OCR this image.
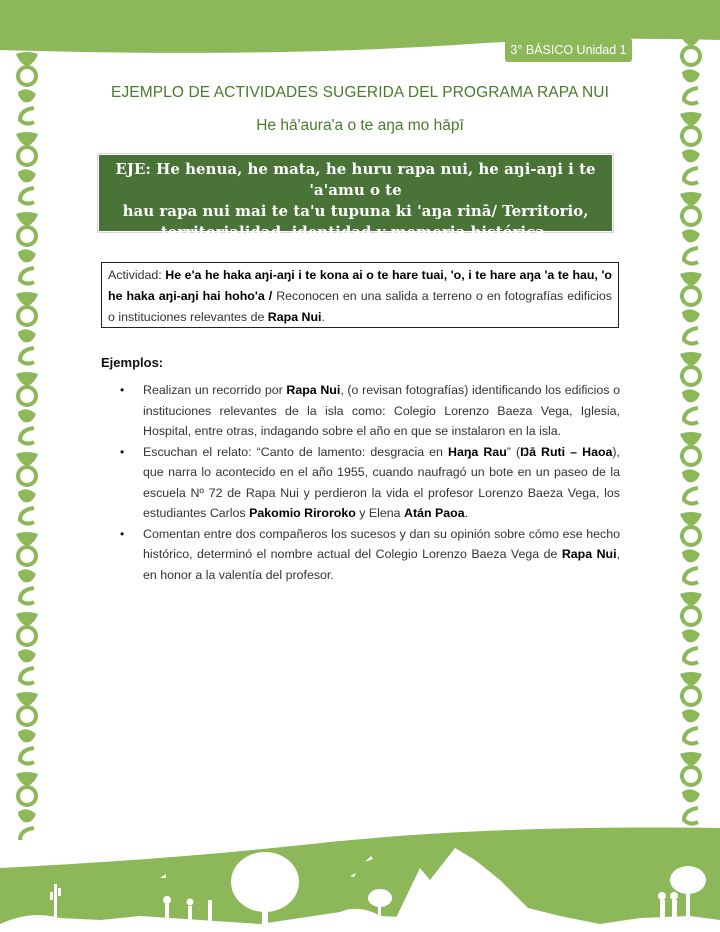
3° BÁSICO Unidad 1
EJEMPLO DE ACTIVIDADES SUGERIDA DEL PROGRAMA RAPA NUI
He hā'aura'a o te aŋa mo hāpī
EJE: He henua, he mata, he huru rapa nui, he aŋi-aŋi i te 'a'amu o te
hau rapa nui mai te ta'u tupuna ki 'aŋa rinā/ Territorio,
territorialidad, identidad y memoria histórica.
Actividad: He e'a he haka aŋi-aŋi i te kona ai o te hare tuai, 'o, i te hare aŋa 'a te hau, 'o he haka aŋi-aŋi hai hoho'a / Reconocen en una salida a terreno o en fotografías edificios o instituciones relevantes de Rapa Nui.
Ejemplos:
• Realizan un recorrido por Rapa Nui, (o revisan fotografías) identificando los edificios o instituciones relevantes de la isla como: Colegio Lorenzo Baeza Vega, Iglesia, Hospital, entre otras, indagando sobre el año en que se instalaron en la isla.
• Escuchan el relato: “Canto de lamento: desgracia en Haŋa Rau” (Ŋā Ruti – Haoa), que narra lo acontecido en el año 1955, cuando naufragó un bote en un paseo de la escuela Nº 72 de Rapa Nui y perdieron la vida el profesor Lorenzo Baeza Vega, los estudiantes Carlos Pakomio Riroroko y Elena Atán Paoa.
• Comentan entre dos compañeros los sucesos y dan su opinión sobre cómo ese hecho histórico, determinó el nombre actual del Colegio Lorenzo Baeza Vega de Rapa Nui, en honor a la valentía del profesor.
